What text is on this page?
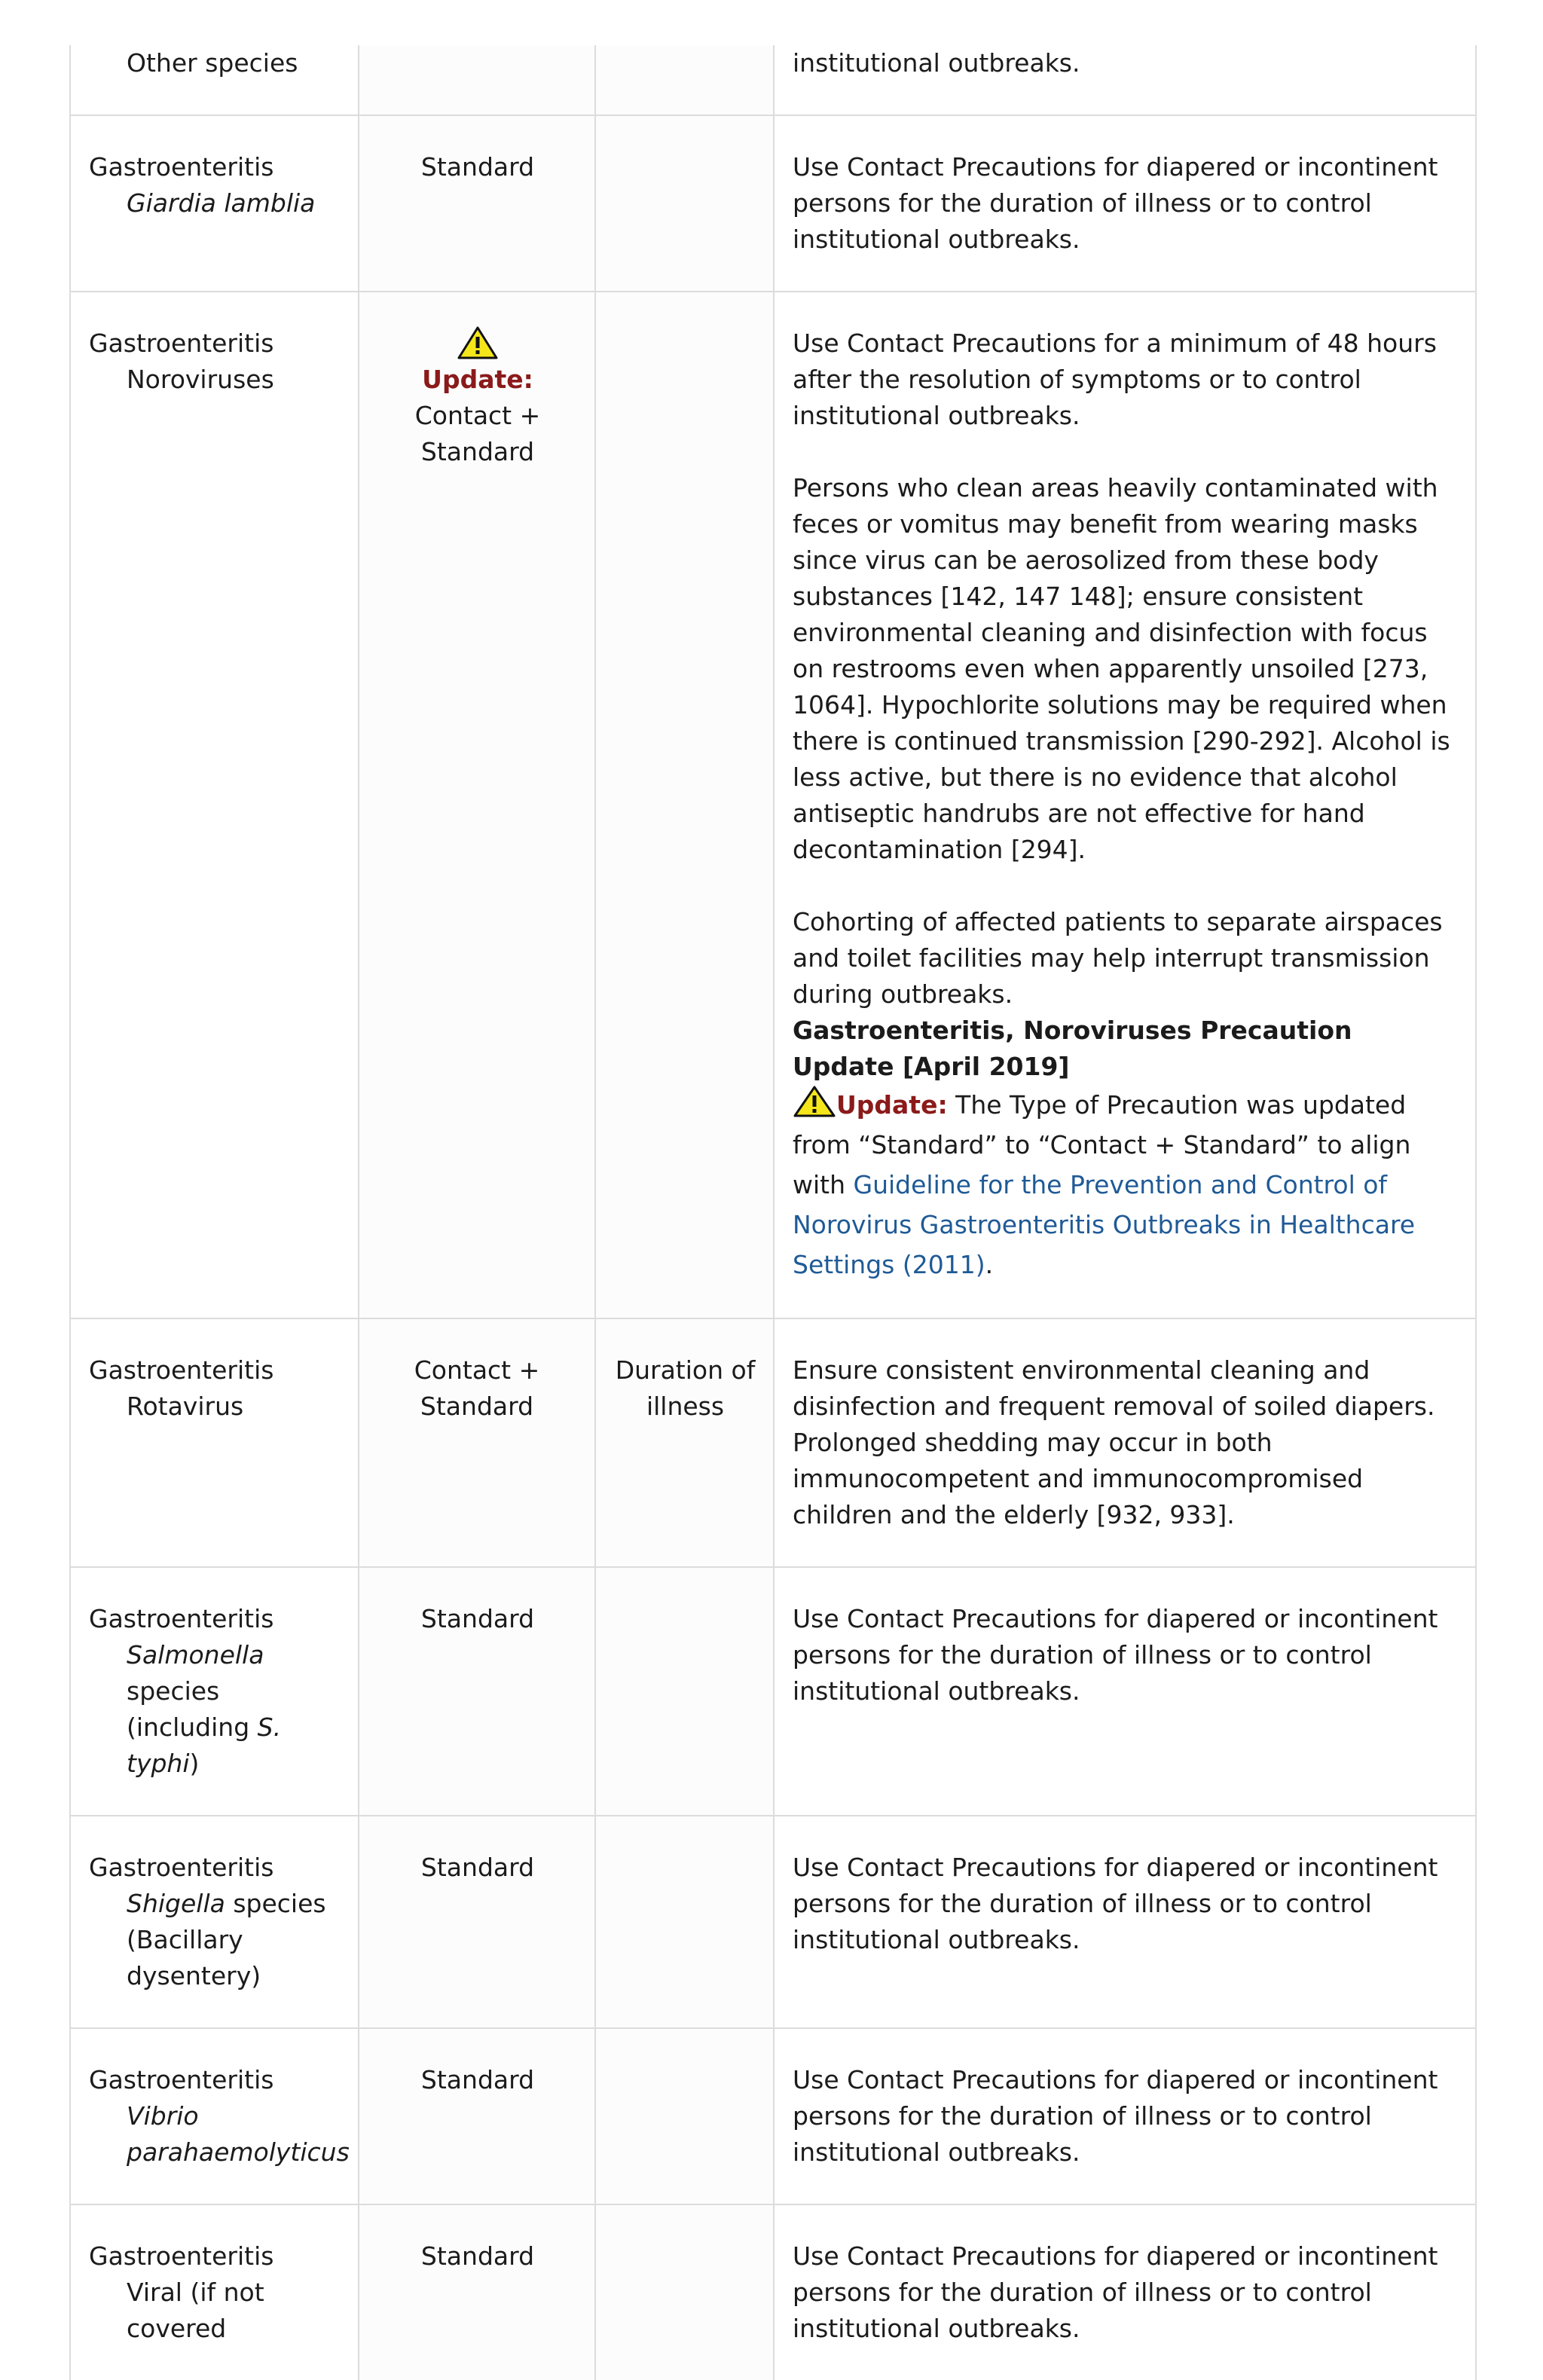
Other species			institutional outbreaks.
Gastroenteritis
Giardia lamblia	Standard		Use Contact Precautions for diapered or incontinent persons for the duration of illness or to control institutional outbreaks.
Gastroenteritis
Noroviruses	Update: Contact + Standard		Use Contact Precautions for a minimum of 48 hours after the resolution of symptoms or to control institutional outbreaks.
Persons who clean areas heavily contaminated with feces or vomitus may benefit from wearing masks since virus can be aerosolized from these body substances [142, 147 148]; ensure consistent environmental cleaning and disinfection with focus on restrooms even when apparently unsoiled [273, 1064]. Hypochlorite solutions may be required when there is continued transmission [290-292]. Alcohol is less active, but there is no evidence that alcohol antiseptic handrubs are not effective for hand decontamination [294].
Cohorting of affected patients to separate airspaces and toilet facilities may help interrupt transmission during outbreaks.
Gastroenteritis, Noroviruses Precaution Update [April 2019]
Update: The Type of Precaution was updated from “Standard” to “Contact + Standard” to align with Guideline for the Prevention and Control of Norovirus Gastroenteritis Outbreaks in Healthcare Settings (2011).

Gastroenteritis
Rotavirus	Contact + Standard	Duration of illness	Ensure consistent environmental cleaning and disinfection and frequent removal of soiled diapers. Prolonged shedding may occur in both immunocompetent and immunocompromised children and the elderly [932, 933].
Gastroenteritis
Salmonella species (including S. typhi)	Standard		Use Contact Precautions for diapered or incontinent persons for the duration of illness or to control institutional outbreaks.
Gastroenteritis
Shigella species (Bacillary dysentery)	Standard		Use Contact Precautions for diapered or incontinent persons for the duration of illness or to control institutional outbreaks.
Gastroenteritis
Vibrio parahaemolyticus	Standard		Use Contact Precautions for diapered or incontinent persons for the duration of illness or to control institutional outbreaks.
Gastroenteritis
Viral (if not covered	Standard		Use Contact Precautions for diapered or incontinent persons for the duration of illness or to control institutional outbreaks.
